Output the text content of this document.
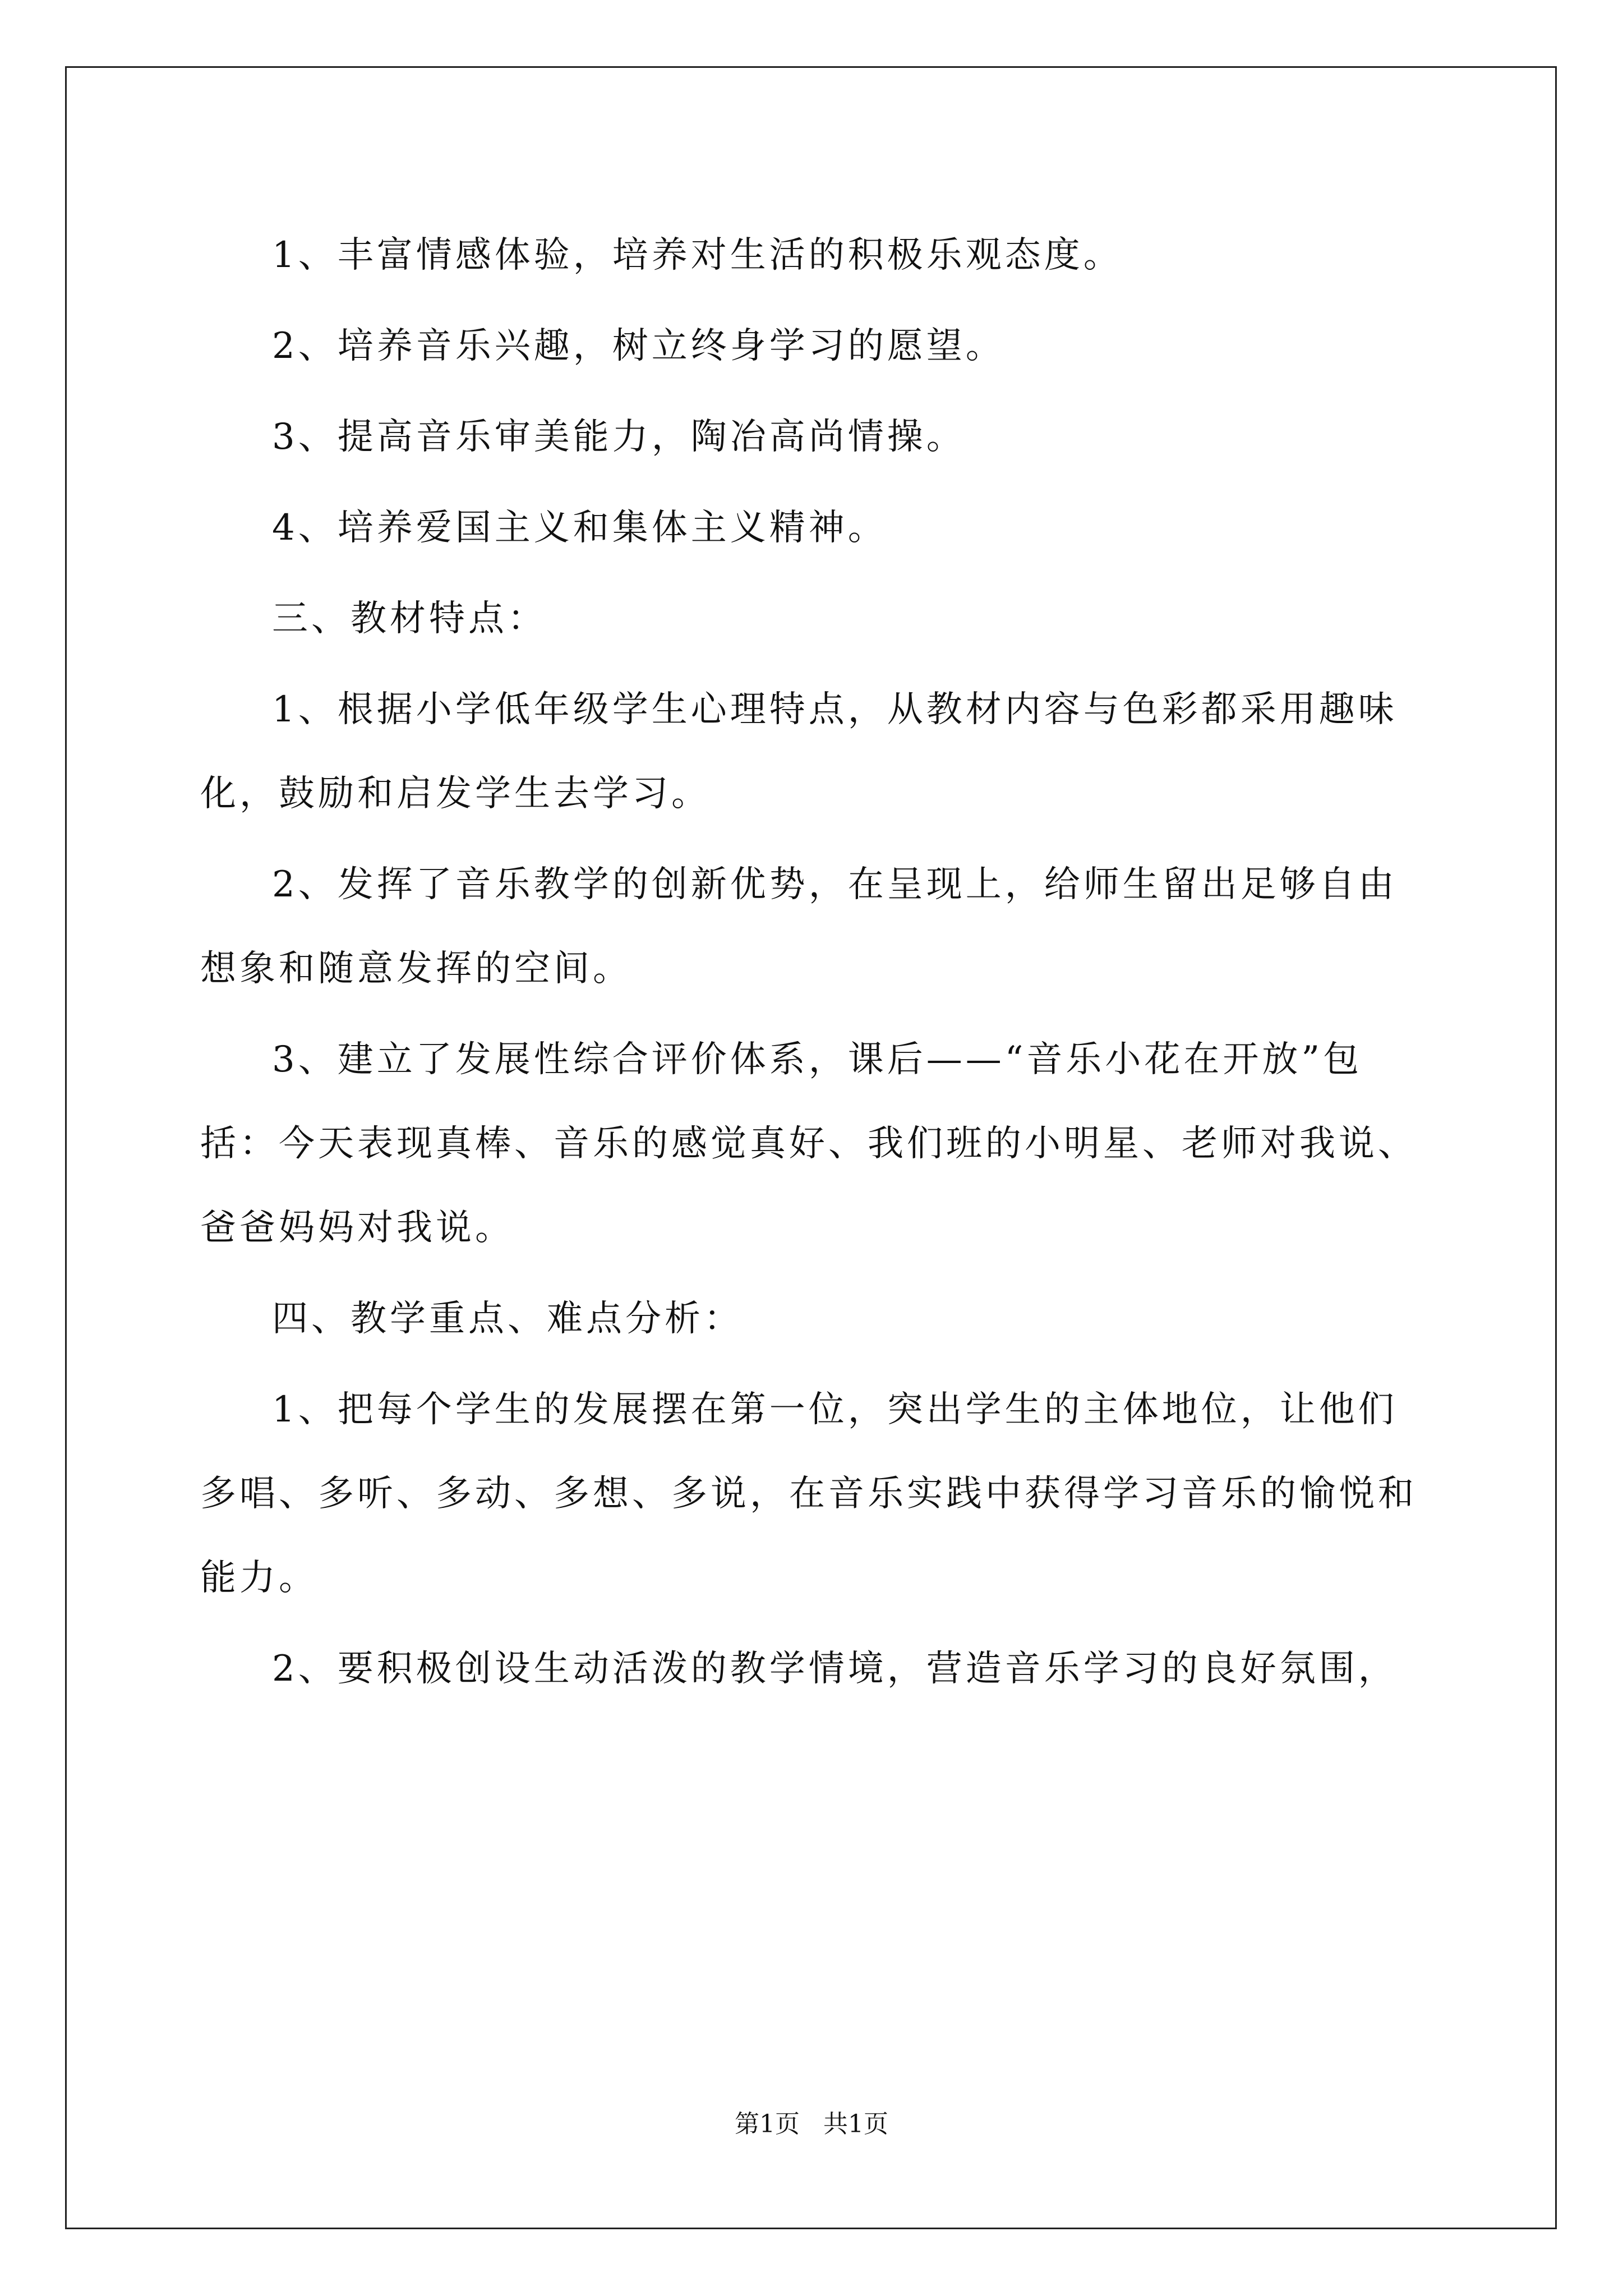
1、丰富情感体验，培养对生活的积极乐观态度。

2、培养音乐兴趣，树立终身学习的愿望。

3、提高音乐审美能力，陶冶高尚情操。

4、培养爱国主义和集体主义精神。

三、教材特点：

1、根据小学低年级学生心理特点，从教材内容与色彩都采用趣味化，鼓励和启发学生去学习。

2、发挥了音乐教学的创新优势，在呈现上，给师生留出足够自由想象和随意发挥的空间。

3、建立了发展性综合评价体系，课后——“音乐小花在开放”包括：今天表现真棒、音乐的感觉真好、我们班的小明星、老师对我说、爸爸妈妈对我说。

四、教学重点、难点分析：

1、把每个学生的发展摆在第一位，突出学生的主体地位，让他们多唱、多听、多动、多想、多说，在音乐实践中获得学习音乐的愉悦和能力。

2、要积极创设生动活泼的教学情境，营造音乐学习的良好氛围，

第1页 共1页
